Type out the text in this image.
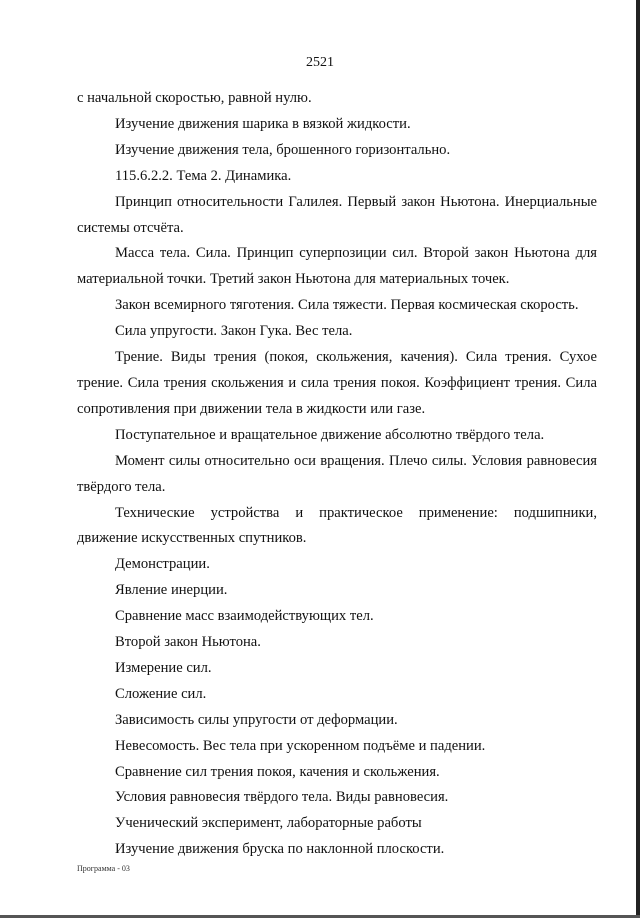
2521

с начальной скоростью, равной нулю.

Изучение движения шарика в вязкой жидкости.

Изучение движения тела, брошенного горизонтально.

115.6.2.2. Тема 2. Динамика.

Принцип относительности Галилея. Первый закон Ньютона. Инерциальные системы отсчёта.

Масса тела. Сила. Принцип суперпозиции сил. Второй закон Ньютона для материальной точки. Третий закон Ньютона для материальных точек.

Закон всемирного тяготения. Сила тяжести. Первая космическая скорость.

Сила упругости. Закон Гука. Вес тела.

Трение. Виды трения (покоя, скольжения, качения). Сила трения. Сухое трение. Сила трения скольжения и сила трения покоя. Коэффициент трения. Сила сопротивления при движении тела в жидкости или газе.

Поступательное и вращательное движение абсолютно твёрдого тела.

Момент силы относительно оси вращения. Плечо силы. Условия равновесия твёрдого тела.

Технические устройства и практическое применение: подшипники, движение искусственных спутников.

Демонстрации.

Явление инерции.

Сравнение масс взаимодействующих тел.

Второй закон Ньютона.

Измерение сил.

Сложение сил.

Зависимость силы упругости от деформации.

Невесомость. Вес тела при ускоренном подъёме и падении.

Сравнение сил трения покоя, качения и скольжения.

Условия равновесия твёрдого тела. Виды равновесия.

Ученический эксперимент, лабораторные работы

Изучение движения бруска по наклонной плоскости.

Программа - 03
